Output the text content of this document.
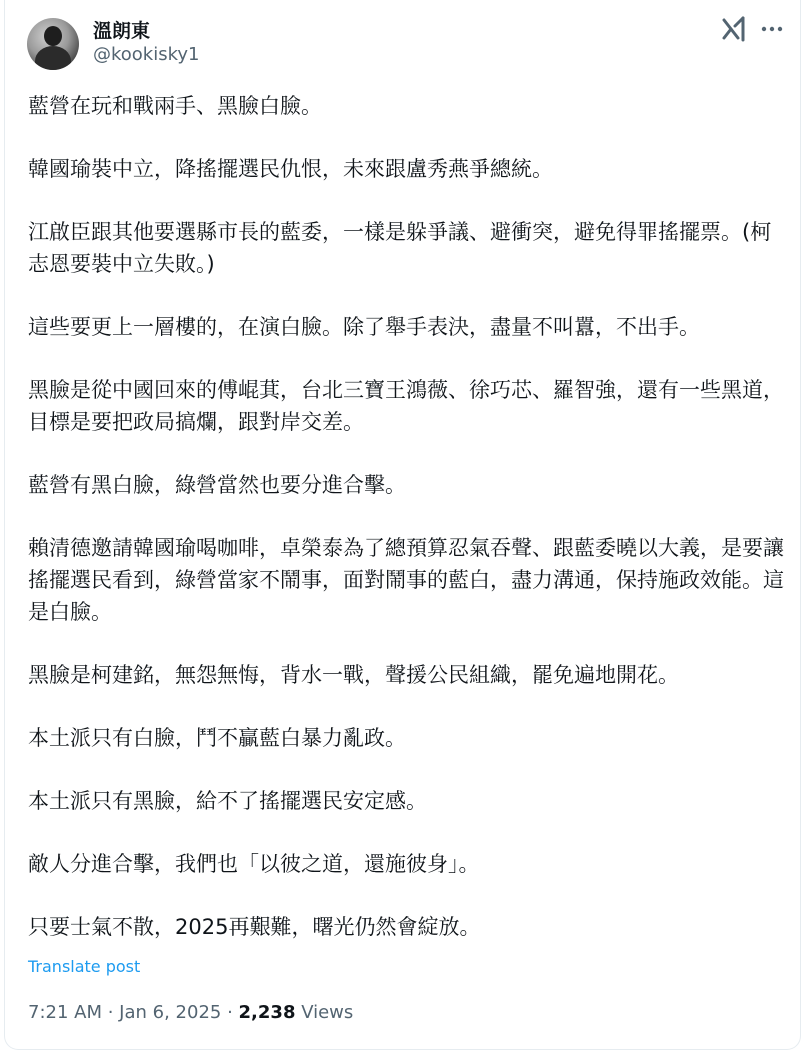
溫朗東
@kookisky1

藍營在玩和戰兩手、黑臉白臉。

韓國瑜裝中立，降搖擺選民仇恨，未來跟盧秀燕爭總統。

江啟臣跟其他要選縣市長的藍委，一樣是躲爭議、避衝突，避免得罪搖擺票。(柯志恩要裝中立失敗。)

這些要更上一層樓的，在演白臉。除了舉手表決，盡量不叫囂，不出手。

黑臉是從中國回來的傅崐萁，台北三寶王鴻薇、徐巧芯、羅智強，還有一些黑道，目標是要把政局搞爛，跟對岸交差。

藍營有黑白臉，綠營當然也要分進合擊。

賴清德邀請韓國瑜喝咖啡，卓榮泰為了總預算忍氣吞聲、跟藍委曉以大義，是要讓搖擺選民看到，綠營當家不鬧事，面對鬧事的藍白，盡力溝通，保持施政效能。這是白臉。

黑臉是柯建銘，無怨無悔，背水一戰，聲援公民組織，罷免遍地開花。

本土派只有白臉，鬥不贏藍白暴力亂政。

本土派只有黑臉，給不了搖擺選民安定感。

敵人分進合擊，我們也「以彼之道，還施彼身」。

只要士氣不散，2025再艱難，曙光仍然會綻放。

Translate post
7:21 AM · Jan 6, 2025 · 2,238 Views
